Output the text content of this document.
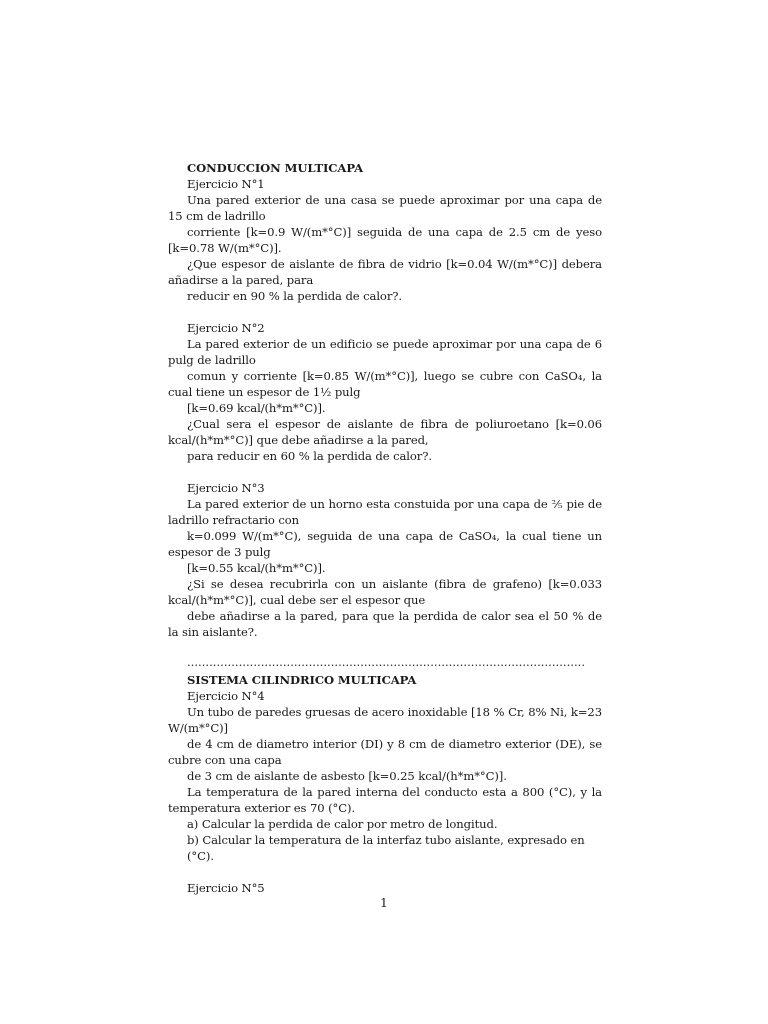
CONDUCCION MULTICAPA
Ejercicio N°1
Una pared exterior de una casa se puede aproximar por una capa de 15 cm de ladrillo
corriente [k=0.9 W/(m*°C)] seguida de una capa de 2.5 cm de yeso [k=0.78 W/(m*°C)].
¿Que espesor de aislante de fibra de vidrio [k=0.04 W/(m*°C)] debera añadirse a la pared, para
reducir en 90 % la perdida de calor?.
Ejercicio N°2
La pared exterior de un edificio se puede aproximar por una capa de 6 pulg de ladrillo
comun y corriente [k=0.85 W/(m*°C)], luego se cubre con CaSO₄, la cual tiene un espesor de 1½ pulg
[k=0.69 kcal/(h*m*°C)].
¿Cual sera el espesor de aislante de fibra de poliuroetano [k=0.06 kcal/(h*m*°C)] que debe añadirse a la pared,
para reducir en 60 % la perdida de calor?.
Ejercicio N°3
La pared exterior de un horno esta constuida por una capa de ⅖ pie de ladrillo refractario con
k=0.099 W/(m*°C), seguida de una capa de CaSO₄, la cual tiene un espesor de 3 pulg
[k=0.55 kcal/(h*m*°C)].
¿Si se desea recubrirla con un aislante (fibra de grafeno) [k=0.033 kcal/(h*m*°C)], cual debe ser el espesor que
debe añadirse a la pared, para que la perdida de calor sea el 50 % de la sin aislante?.
............................................................................................................
SISTEMA CILINDRICO MULTICAPA
Ejercicio N°4
Un tubo de paredes gruesas de acero inoxidable [18 % Cr, 8% Ni, k=23 W/(m*°C)]
de 4 cm de diametro interior (DI) y 8 cm de diametro exterior (DE), se cubre con una capa
de 3 cm de aislante de asbesto [k=0.25 kcal/(h*m*°C)].
La temperatura de la pared interna del conducto esta a 800 (°C), y la temperatura exterior es 70 (°C).
a) Calcular la perdida de calor por metro de longitud.
b) Calcular la temperatura de la interfaz tubo aislante, expresado en (°C).
Ejercicio N°5
1
